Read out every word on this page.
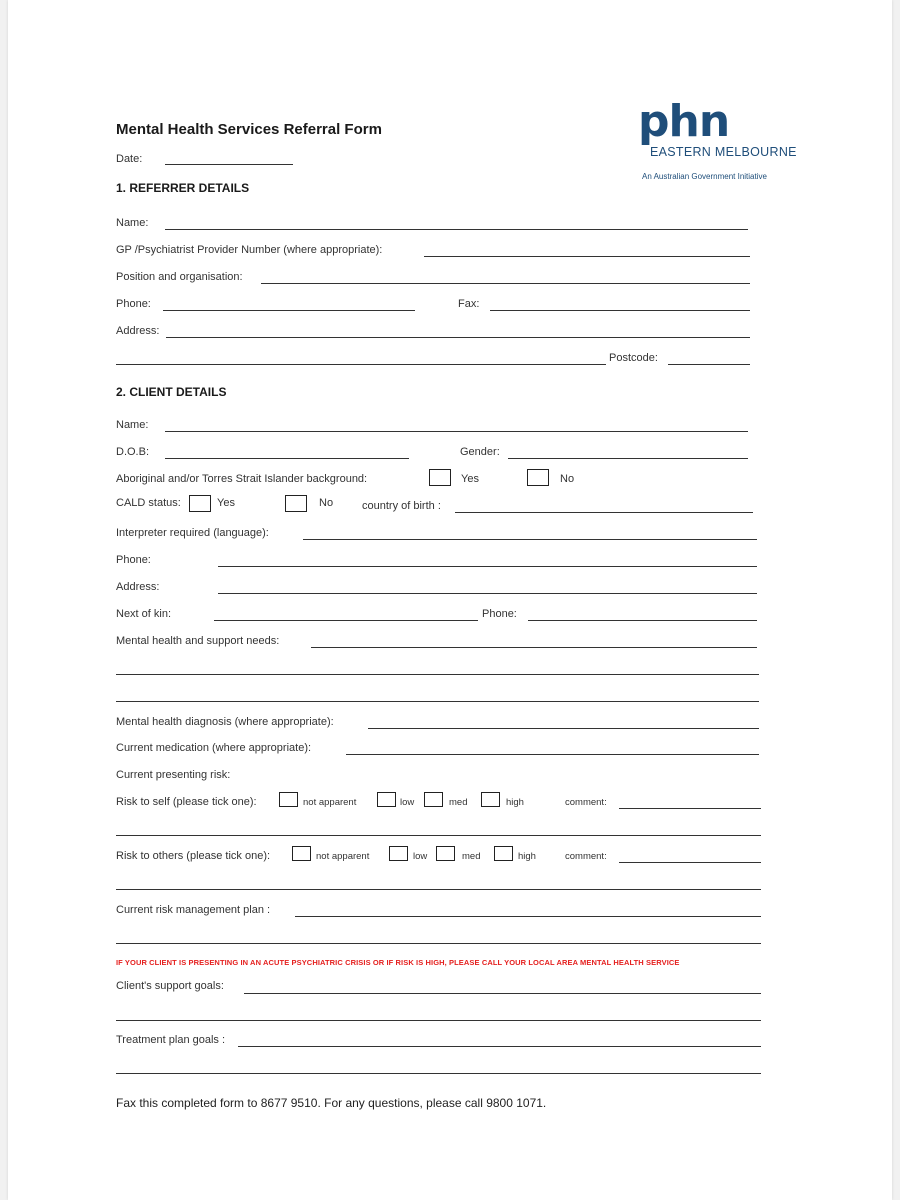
phn
EASTERN MELBOURNE
An Australian Government Initiative
Mental Health Services Referral Form
Date:
1. REFERRER DETAILS
Name:
GP /Psychiatrist Provider Number (where appropriate):
Position and organisation:
Phone:	Fax:
Address:
Postcode:
2. CLIENT DETAILS
Name:
D.O.B:	Gender:
Aboriginal and/or Torres Strait Islander background:	Yes	No
CALD status:	Yes	No	country of birth :
Interpreter required (language):
Phone:
Address:
Next of kin:	Phone:
Mental health and support needs:
Mental health diagnosis (where appropriate):
Current medication (where appropriate):
Current presenting risk:
Risk to self (please tick one):	not apparent	low	med	high	comment:
Risk to others (please tick one):	not apparent	low	med	high	comment:
Current risk management plan :
IF YOUR CLIENT IS PRESENTING IN AN ACUTE PSYCHIATRIC CRISIS OR IF RISK IS HIGH, PLEASE CALL YOUR LOCAL AREA MENTAL HEALTH SERVICE
Client's support goals:
Treatment plan goals :
Fax this completed form to 8677 9510. For any questions, please call 9800 1071.
